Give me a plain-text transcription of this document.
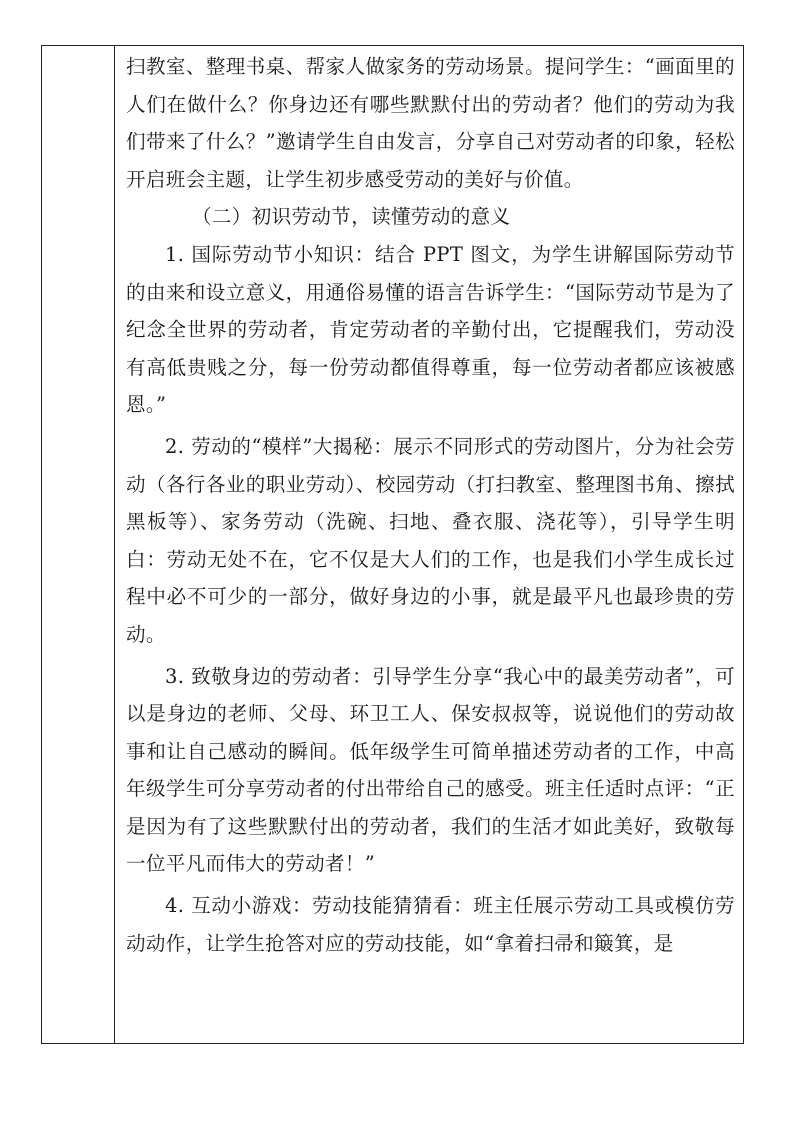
扫教室、整理书桌、帮家人做家务的劳动场景。提问学生：“画面里的人们在做什么？你身边还有哪些默默付出的劳动者？他们的劳动为我们带来了什么？”邀请学生自由发言，分享自己对劳动者的印象，轻松开启班会主题，让学生初步感受劳动的美好与价值。

（二）初识劳动节，读懂劳动的意义

1. 国际劳动节小知识：结合 PPT 图文，为学生讲解国际劳动节的由来和设立意义，用通俗易懂的语言告诉学生：“国际劳动节是为了纪念全世界的劳动者，肯定劳动者的辛勤付出，它提醒我们，劳动没有高低贵贱之分，每一份劳动都值得尊重，每一位劳动者都应该被感恩。”

2. 劳动的“模样”大揭秘：展示不同形式的劳动图片，分为社会劳动（各行各业的职业劳动）、校园劳动（打扫教室、整理图书角、擦拭黑板等）、家务劳动（洗碗、扫地、叠衣服、浇花等），引导学生明白：劳动无处不在，它不仅是大人们的工作，也是我们小学生成长过程中必不可少的一部分，做好身边的小事，就是最平凡也最珍贵的劳动。

3. 致敬身边的劳动者：引导学生分享“我心中的最美劳动者”，可以是身边的老师、父母、环卫工人、保安叔叔等，说说他们的劳动故事和让自己感动的瞬间。低年级学生可简单描述劳动者的工作，中高年级学生可分享劳动者的付出带给自己的感受。班主任适时点评：“正是因为有了这些默默付出的劳动者，我们的生活才如此美好，致敬每一位平凡而伟大的劳动者！”

4. 互动小游戏：劳动技能猜猜看：班主任展示劳动工具或模仿劳动动作，让学生抢答对应的劳动技能，如“拿着扫帚和簸箕，是
